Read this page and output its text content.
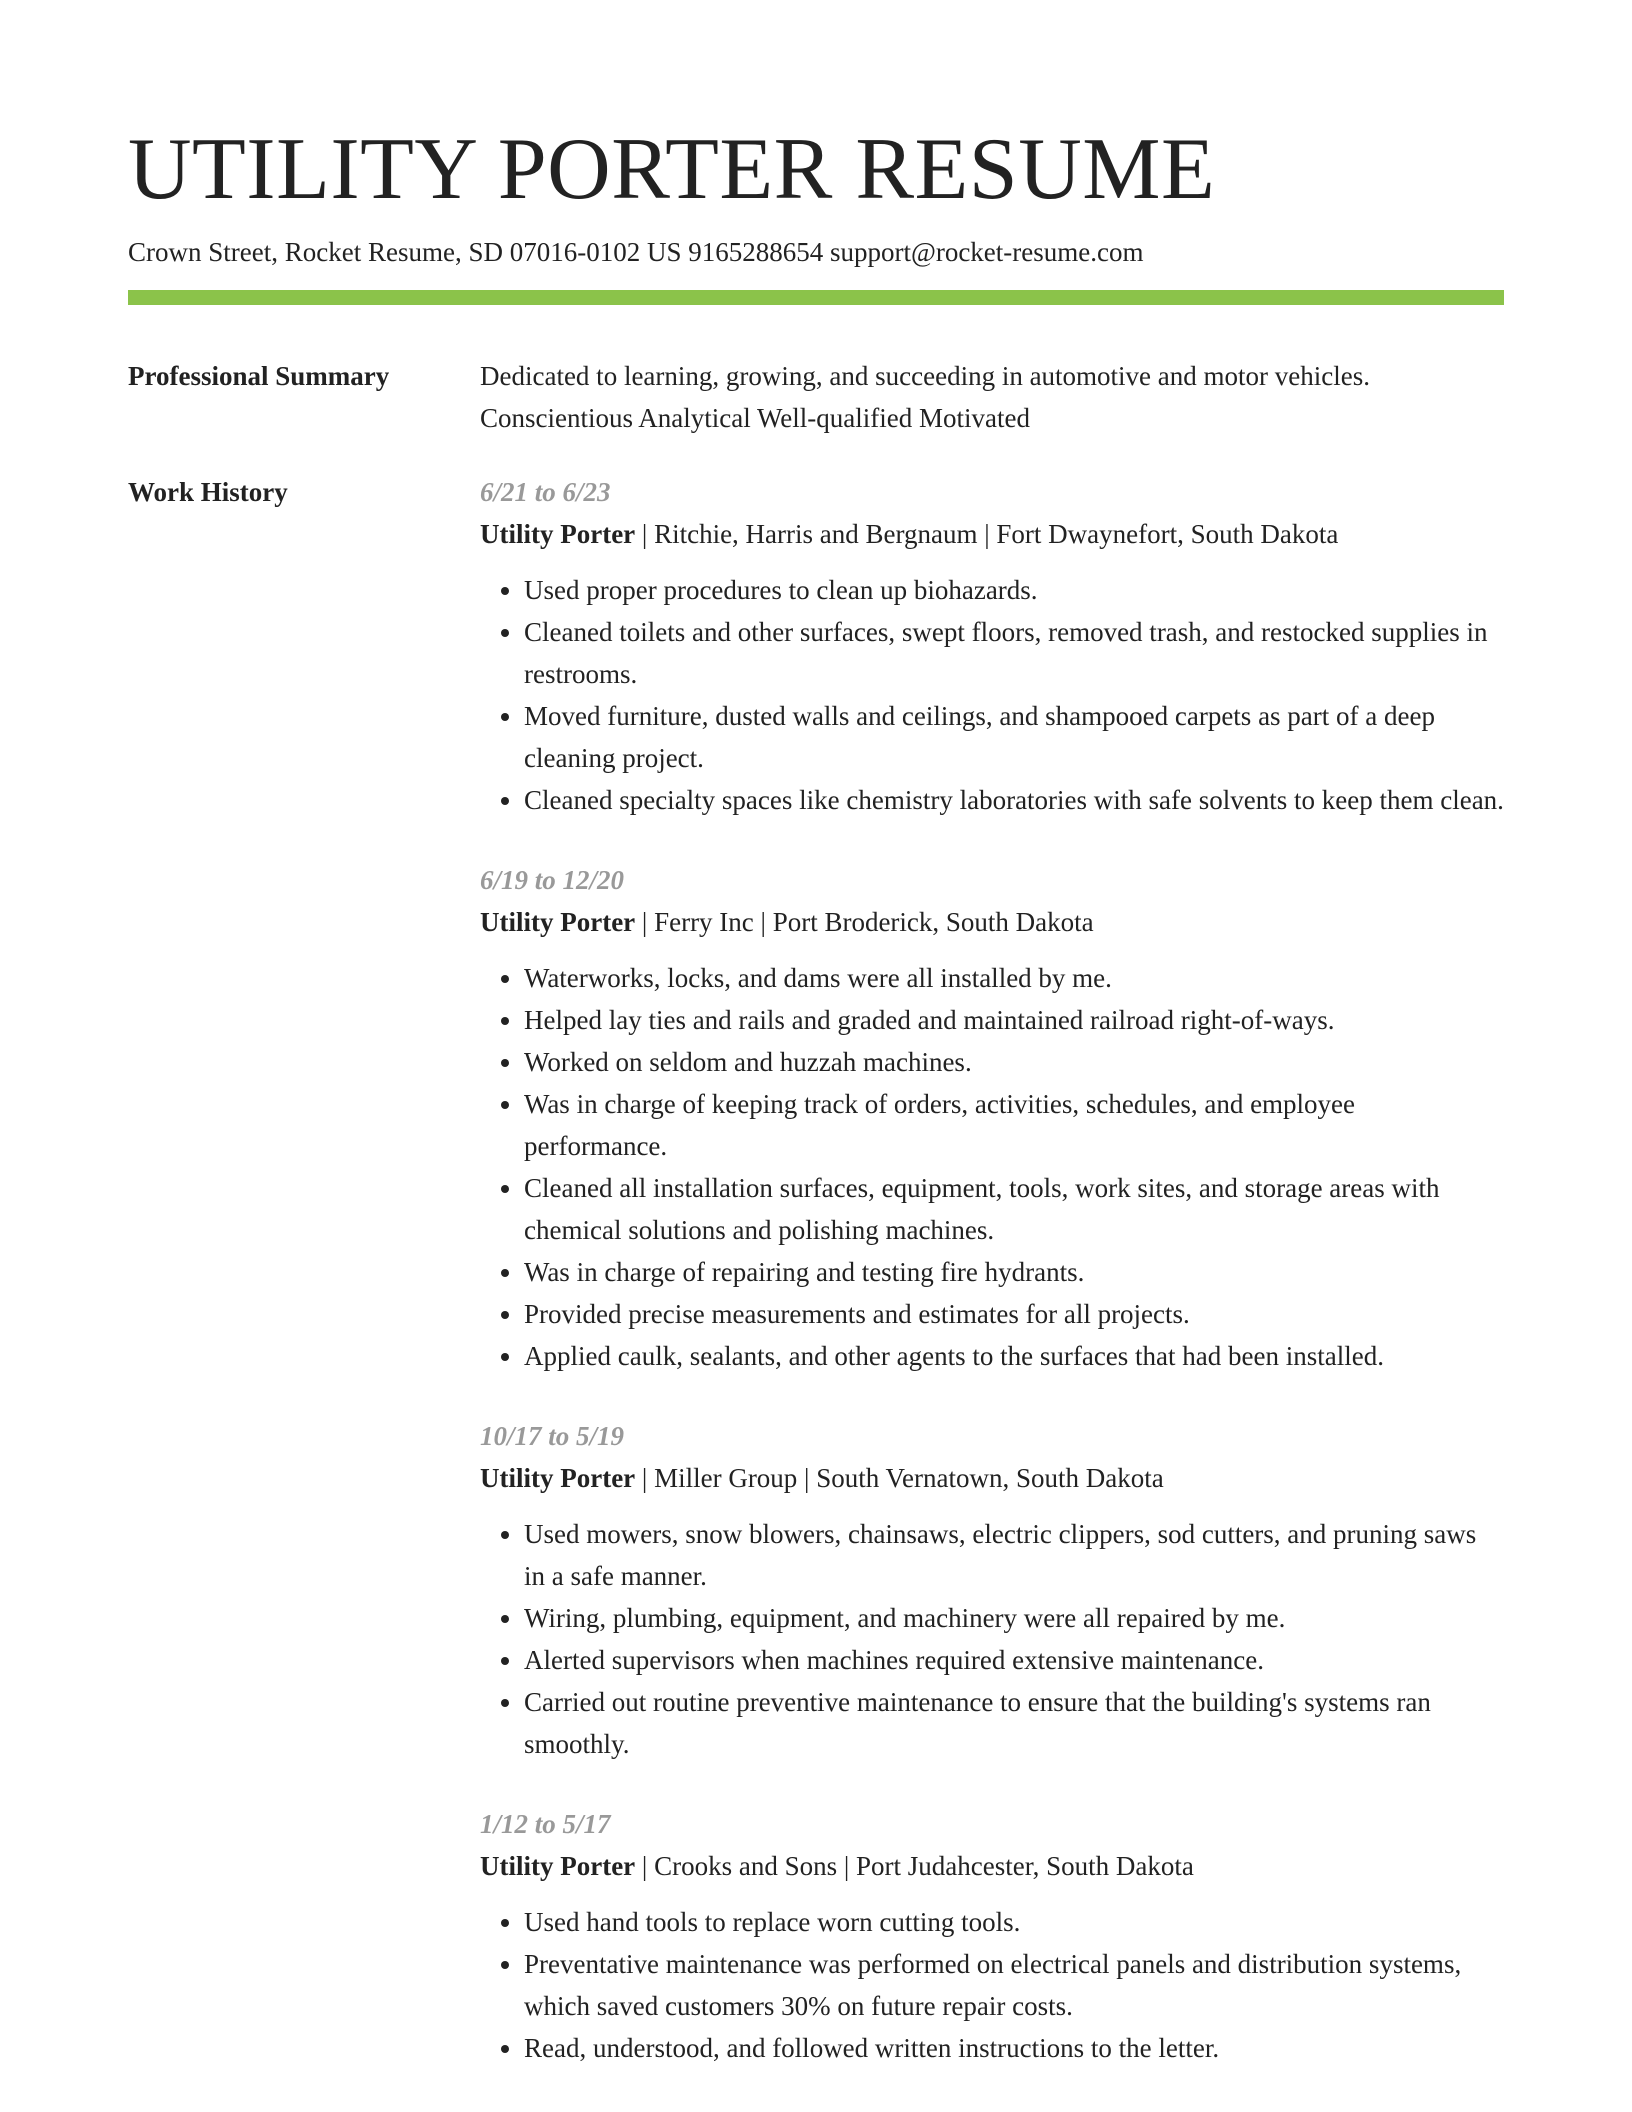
UTILITY PORTER RESUME
Crown Street, Rocket Resume, SD 07016-0102 US 9165288654 support@rocket-resume.com
Professional Summary	Dedicated to learning, growing, and succeeding in automotive and motor vehicles.
Conscientious Analytical Well-qualified Motivated
Work History	6/21 to 6/23
Utility Porter | Ritchie, Harris and Bergnaum | Fort Dwaynefort, South Dakota
• Used proper procedures to clean up biohazards.
• Cleaned toilets and other surfaces, swept floors, removed trash, and restocked supplies in restrooms.
• Moved furniture, dusted walls and ceilings, and shampooed carpets as part of a deep cleaning project.
• Cleaned specialty spaces like chemistry laboratories with safe solvents to keep them clean.
6/19 to 12/20
Utility Porter | Ferry Inc | Port Broderick, South Dakota
• Waterworks, locks, and dams were all installed by me.
• Helped lay ties and rails and graded and maintained railroad right-of-ways.
• Worked on seldom and huzzah machines.
• Was in charge of keeping track of orders, activities, schedules, and employee performance.
• Cleaned all installation surfaces, equipment, tools, work sites, and storage areas with chemical solutions and polishing machines.
• Was in charge of repairing and testing fire hydrants.
• Provided precise measurements and estimates for all projects.
• Applied caulk, sealants, and other agents to the surfaces that had been installed.
10/17 to 5/19
Utility Porter | Miller Group | South Vernatown, South Dakota
• Used mowers, snow blowers, chainsaws, electric clippers, sod cutters, and pruning saws in a safe manner.
• Wiring, plumbing, equipment, and machinery were all repaired by me.
• Alerted supervisors when machines required extensive maintenance.
• Carried out routine preventive maintenance to ensure that the building's systems ran smoothly.
1/12 to 5/17
Utility Porter | Crooks and Sons | Port Judahcester, South Dakota
• Used hand tools to replace worn cutting tools.
• Preventative maintenance was performed on electrical panels and distribution systems, which saved customers 30% on future repair costs.
• Read, understood, and followed written instructions to the letter.
